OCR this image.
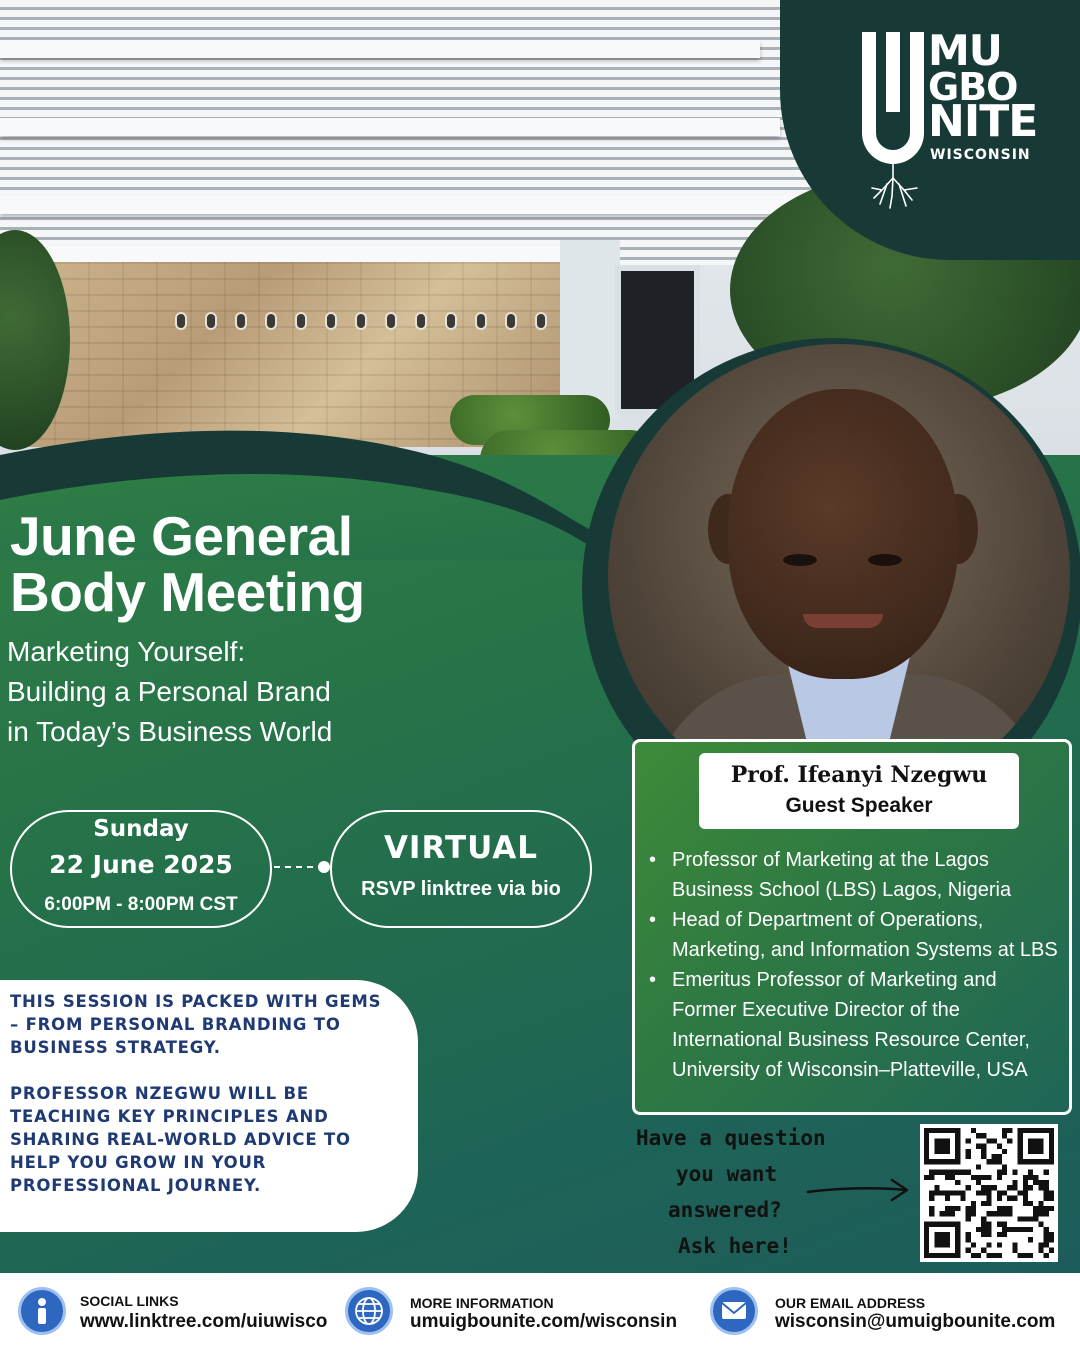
MU
GBO
NITE
WISCONSIN
June General
Body Meeting
Marketing Yourself:
Building a Personal Brand
in Today’s Business World
Sunday
22 June 2025
6:00PM - 8:00PM CST
VIRTUAL
RSVP linktree via bio

THIS SESSION IS PACKED WITH GEMS – FROM PERSONAL BRANDING TO BUSINESS STRATEGY.

PROFESSOR NZEGWU WILL BE TEACHING KEY PRINCIPLES AND SHARING REAL-WORLD ADVICE TO HELP YOU GROW IN YOUR PROFESSIONAL JOURNEY.

Prof. Ifeanyi Nzegwu
Guest Speaker
• Professor of Marketing at the Lagos Business School (LBS) Lagos, Nigeria
• Head of Department of Operations, Marketing, and Information Systems at LBS
• Emeritus Professor of Marketing and Former Executive Director of the International Business Resource Center, University of Wisconsin–Platteville, USA
Have a question
you want
answered?
Ask here!
SOCIAL LINKS
www.linktree.com/uiuwisco
MORE INFORMATION
umuigbounite.com/wisconsin
OUR EMAIL ADDRESS
wisconsin@umuigbounite.com
